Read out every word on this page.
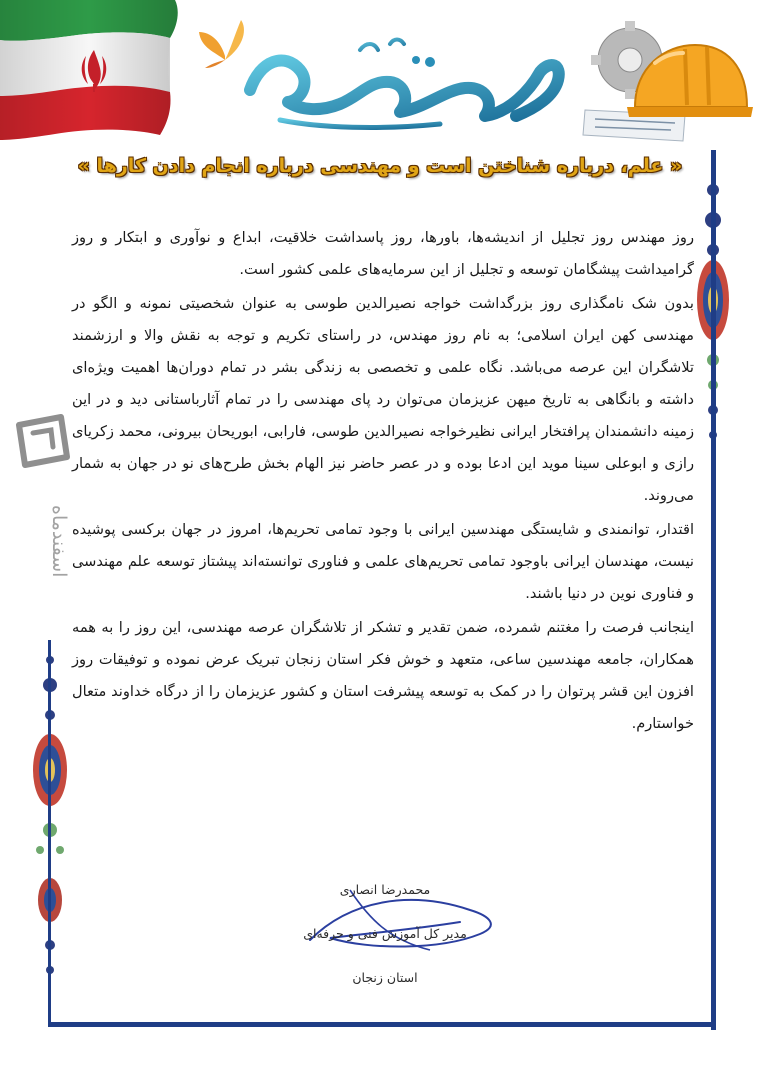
« علم، درباره شناختن است و مهندسی درباره انجام دادن کارها »
اسفندماه

روز مهندس روز تجلیل از اندیشه‌ها، باورها، روز پاسداشت خلاقیت، ابداع و نوآوری و ابتکار و روز گرامیداشت پیشگامان توسعه و تجلیل از این سرمایه‌های علمی کشور است.

بدون شک نامگذاری روز بزرگداشت خواجه نصیرالدین طوسی به عنوان شخصیتی نمونه و الگو در مهندسی کهن ایران اسلامی؛ به نام روز مهندس، در راستای تکریم و توجه به نقش والا و ارزشمند تلاشگران این عرصه می‌باشد. نگاه علمی و تخصصی به زندگی بشر در تمام دوران‌ها اهمیت ویژه‌ای داشته و بانگاهی به تاریخ میهن عزیزمان می‌توان رد پای مهندسی را در تمام آثارباستانی دید و در این زمینه دانشمندان پرافتخار ایرانی نظیرخواجه نصیرالدین طوسی، فارابی، ابوریحان بیرونی، محمد زکریای رازی و ابوعلی سینا موید این ادعا بوده و در عصر حاضر نیز الهام بخش طرح‌های نو در جهان به شمار می‌روند.

اقتدار، توانمندی و شایستگی مهندسین ایرانی با وجود تمامی تحریم‌ها، امروز در جهان برکسی پوشیده نیست، مهندسان ایرانی باوجود تمامی تحریم‌های علمی و فناوری توانسته‌اند پیشتاز توسعه علم مهندسی و فناوری نوین در دنیا باشند.

اینجانب فرصت را مغتنم شمرده، ضمن تقدیر و تشکر از تلاشگران عرصه مهندسی، این روز را به همه همکاران، جامعه مهندسین ساعی، متعهد و خوش فکر استان زنجان تبریک عرض نموده و توفیقات روز افزون این قشر پرتوان را در کمک به توسعه پیشرفت استان و کشور عزیزمان را از درگاه خداوند متعال خواستارم.

محمدرضا انصاری
مدیر کل آموزش فنی و حرفه‌ای
استان زنجان
